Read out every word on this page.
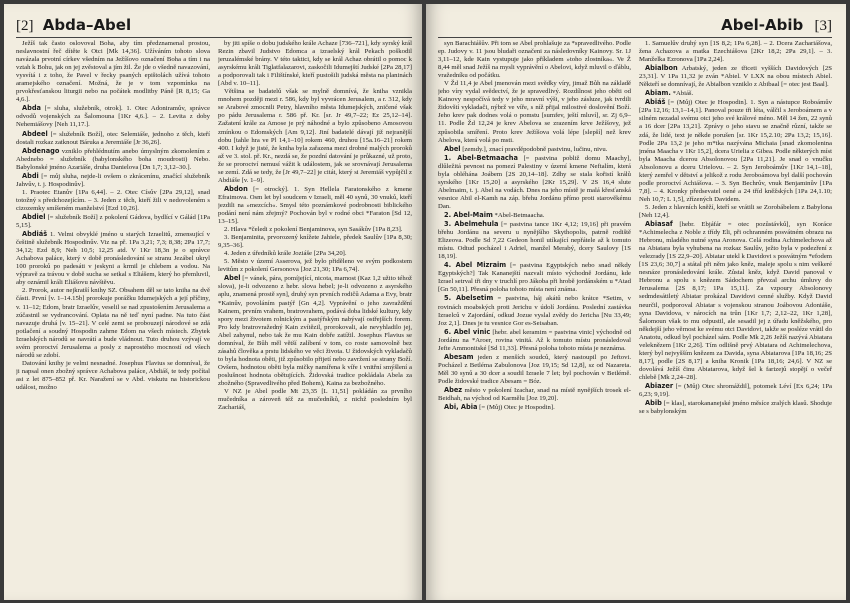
[2] Abda–Abel

Ježíš tak často oslovoval Boha, aby tím předznamenal prostou, neslavnostní řeč dítěte k Otci [Mk 14,36]. Užíváním tohoto slova navázala prvotní církev všedním na Ježíšovo označení Boha a tím i na vztah k Bohu, jak on jej zvěstoval a jím žil. Že jde o všedně navazování, vysvítá i z toho, že Pavel v řecky psaných epištolách užívá tohoto aramejského označení. Možná, že je v tom vzpomínka na prvokřesťanskou liturgii nebo na počátek modlitby Páně [R 8,15; Ga 4,6.].

Abda [= sluha, služebník, otrok]. 1. Otec Adoniramův, správce odvodů vojenských za Šalomouna [1Kr 4,6.]. – 2. Levita z doby Nehemiášovy [Neh 11,17.].

Abdeel [= služebník Boží], otec Selemiáše, jednoho z těch, kteří dostali rozkaz zatknout Báruka a Jeremiáše [Jr 36,26].

Abdenago vzniklo přehlédnutím anebo úmyslným zkomolením z Abednebo = služebník (babylonského boha moudrosti) Nebo. Babylonské jméno Azariáše, druha Danielova [Dn 1,7; 3,12–30.].

Abdi [= můj sluha, nejde-li ovšem o zkrácenínu, značící služebník Jahvův, t. j. Hospodinův].

1. Praotec Etanův [1Pa 6,44]. – 2. Otec Císův [2Pa 29,12], snad totožný s předchozejícím. – 3. Jeden z těch, kteří žili v nedovoleném s cizozemky smíšeném manželství [Ezd 10,26].

Abdiel [= služebník Boží] z pokolení Gádova, bydlící v Gálád [1Pa 5,15].

Abdiáš 1. Velmi obvyklé jméno u starých Izraelitů, zmensující v češtině služebník Hospodinův. Viz na př. 1Pa 3,21; 7,3; 8,38; 2Pa 17,7; 34,12; Ezd 8,9; Neh 10,5; 12,25 atd. V 1Kr 18,3n je o správce Achabova paláce, který v době pronásledování se stranu Jezábel ukryl 100 proroků po padesáti v jeskyni a krmil je chlebem a vodou. Na výpravě za trávou v době sucha se setkal s Eliášem, který ho přemluvil, aby oznámil králi Eliášovu návštěvu.

2. Prorok, autor nejkratší knihy SZ. Obsahem děl se tato kniha na dvě části. První [v. 1–14.15b] prorokuje porážku Idumejských a její příčiny, v. 11–12; Edom, bratr Izraelův, veselil se nad zpustošením Jerusalema a zúčastnil se vydrancování. Oplata na ně teď nyní padne. Na tuto část navazuje druhá [v. 15–21]. V celé zemi se probouzejí národové se zdá potlačení a soudný Hospodin zahrne Edom na všech místech. Zbytek Izraelských národů se navrátí a bude vládnout. Tuto druhou vzývají ve svém proroctví Jerusalema a posly z naprostého mocností od všech národů se zdobí.

Datování knihy je velmi nesnadné. Josephus Flavius se domníval, že ji napsal onen zbožný správce Achabova paláce, Abdiáš, te tedy počítal asi z let 875–852 př. Kr. Naražení se v Abd. viskutu na historickou událost, možno

by jiti spíše o dobu judského krále Achaze [736–721], kdy syrský král Rezin zbavil Judstvo Edomca a izraelský král Pekach poškodil jeruzalémské brány. V této taktici, kdy se král Achaz obrátil o pomoc k asyrskému králi Tiglatfalazarovi, zaskočili Idumejští Judské [2Pa 28,17] a podporovali tak i Filištínské, kteří pustošili judská města na planinách [Abd v. 10–11].

Většina se badatelů však se mylně domnívá, že kniha vznikla mnohem později mezi r. 586, kdy byl vyvrácen Jerusalem, a r. 312, kdy se Arabové zmocnili Petry, hlavního města Idumejských, zničené však po pádu Jerusalema r. 586 př. Kr. [sr. Jr 49,7–22; Ez 25,12–14]. Zažatení krále za Amose je prý náhodné a bylo způsobeno Amosovou zmínkou o Edomských [Am 9,12]. Jiní badatelé dávají již nejranější dobu [tahle hra ve Pl 14,1–10] rokem 460, druhou [15a.16–21] rokem 400. I když je jisté, že kniha byla zařazena mezi drobné malých proroků až ve 3. stol. př. Kr., nezdá se, že pozdní datování je průkazné, už proto, že se proroctví nemusí vážit k událostem, jak se srovnávají Jerusalema se zemí. Zdá se tedy, že [Jr 49,7–22] je citát, který si Jeremiáš vypůjčil z Abdiáše [v. 1–9].

Abdon [= otrocký]. 1. Syn Hellela Faratonského z kmene Efraimova. Osm let byl soudcem v Izraeli, měl 40 synů, 30 vnuků, kteří jezdili na »mezcích«. Smysl této poznámkové podrobnosti biblického podání není nám zřejmý? Pochován byl v rodné obci *Faraton [Sd 12, 13–15].

2. Hlava *čeledi z pokolení Benjaminova, syn Sasákův [1Pa 8,23].

3. Benjaminita, prvorozený knížete Jahiele, předek Saulův [1Pa 8,30; 9,35–36].

4. Jeden z úředníků krále Joziáše [2Pa 34,20].

5. Město v území Asserova, jež bylo přiděleno ve svým podkostem levitům z pokolení Gersonova [Joz 21,30; 1Pa 6,74].

Abel [= vánek, pára, pomíjející, nicota, marnost (Kaz 1,2 užito téhož slova), je-li odvozeno z hebr. slova hebel; je-li odvozeno z asyrského aplu, znamená prostě syn], druhý syn prvních rodičů Adama a Evy, bratr *Kainův, povoláním pastýř [Gn 4,2]. Vyprávění o jeho zavraždění Kainem, prvním vrahem, bratrovrahem, podává doba lidské kultury, kdy spory mezi životem rolnickým a pastýřským nabývají ostřejších forem. Pro kdy bratrovražedný Kain zvítězil, prorokovali, ale nevyhladilo jej, Abel zahynul, nebo tak že mu Kain dobře zatížil. Josephus Flavius se domníval, že Bůh měl větší zalíbení v tom, co roste samovolně bez zásahů člověka a prstu lidského ve věci života. U židovských vykladačů to byla hodnota oběti, již způsobilo přijetí nebo zavržení se strany Boží. Ovšem, hodnotou oběti byla mičky namířena k víře i vnitřní smýšlení a poslušnost hodnota obětujících. Židovská tradice pokládala Abela za zbožného (Spravedlivého před Bohem), Kaina za bezbožného.

V NZ je Abel podle Mt 23,35 [L 11,51] pokládán za prvního mučedníka a zároveň též za mučedníků, z nichž posledním byl Zachariáš,

Abel-Abib [3]

syn Barachiášův. Při tom se Abel prohlašuje za *spravedlivého. Podle ep. Judovy v. 11 jsou bludaři označeni za následovníky Kainovy. Sr. 1J 3,11–12, kde Kain vystupuje jako příkladem »toho zlostníka«. Ve Ž 8,44 měl snad Ježíš na mysli vyprávění o Abelovi, když mluvil o ďáblu, vražedníku od počátku.

V Žd 11,4 je Abel jmenován mezi svědky víry, jimaž Bůh na základě jeho víry vydal svědectví, že je spravedlivý. Rozdílnost jeho oběti od Kainovy nespočívá tedy v jeho mravní výši, v jeho zásluze, jak tvrdili židovští vykladači, nýbrž ve víře, s níž přijal milostivé doslovění Boží. Jeho krev pak dodnes volá o pomstu [sumfev, ještí mluví], sr. Zj 6,9–11. Podle Žd 12,24 je krev Abelova se zrazením krve Ježíšovy, jež způsobila smíření. Proto krev Ježíšova volá lépe [slepší] než krev Abelova, která volá po msti.

Abel [zemdy.], znací pravděpodobně pastvinu, lučinu, nivu.

1. Abel-Betmaacha [= pastvina pobliž domu Maachy], dlůležitá pevnost na pomezí Palestiny v území kmene Neftalím, která byla obléhána Joábem [2S 20,14–18]. Zdhy se stala kořistí králů syrského [1Kr 15,20] a asyrského [2Kr 15,29]. V 2S 16,4 slute Abelmaim, t. j. Abel na vodách. Dnes na jeho místě je malá křesťanská vesnice Abil el-Kamh na záp. břehu Jordánu přímo proti starověkému Dan.

2. Abel-Maim *Abel-Betmaacha.

3. Abelmehula [= pastvina tance 1Kr 4,12; 19,16] při pravém břehu Jordánu na severu u nynějšího Skythopolis, patrně rodiště Elizeova. Podle Sd 7,22 Gedeon honil utíkající nepřátele až k tomuto místu. Odtud pocházel i Adriel, manžel Merabý, dcery Saulovy [1S 18,19].

4. Abel Mizraim [= pastvina Egyptských nebo snad někdy Egyptských?] Tak Kananejští nazvali místo východně Jordánu, kde Izrael setrval tři dny v truchlí pro Jákoba při hrobě jordánském u *Atad [Gn 50,11]. Přesná poloha tohoto místa není známa.

5. Abelsetim = pastvina, háj akátů nebo krátce *Setim, v rovinách moabských proti Jerichu v údolí Jordánu. Poslední zastávka Izraelců v Zajordání, odkud Jozue vyslal zvědy do Jericha [Nu 33,49; Joz 2,1]. Dnes je tu vesnice Gor es-Seisaban.

6. Abel vinic [hebr. abel keramim = pastvina vinic] východně od Jordánu na *Aroer, rovina vinitá. Až k tomuto místu pronásledoval Jefte Ammonitské [Sd 11,33]. Přesná poloha tohoto místa je neznáma.

Abesam jeden z menších soudců, který nastoupil po Jeftovi. Pocházel z Betléma Zabulonova [Joz 19,15; Sd 12,8], sz od Nazareta. Měl 30 synů a 30 dcer a soudil Izraele 7 let; byl pochován v Betlémě. Podle židovské tradice Abesam = Bóz.

Abez město v pokolení Izachar, snad na místě nynějších trosek el-Beidhah, na východ od Karmělu [Joz 19,20].

Abi, Abia [= (Můj) Otec je Hospodin].

1. Samuelův druhý syn [1S 8,2; 1Pa 6,28]. – 2. Dcera Zachariášova, žena Achazova a matka Ezechiášova [2Kr 18,2; 2Pa 29,1]. – 3. Manželka Ezronova [1Pa 2,24].

Abialbon Arbatský, jeden ze třiceti vyšších Davidových [2S 23,31]. V 1Pa 11,32 je zván *Abiel. V LXX na obou místech Abiel. Někteří se domnívají, že Abialbon vzniklo z Abibaal [= otec jest Baal].

Abiam. *Abiáš.

Abiáš [= (Můj) Otec je Hospodin]. 1. Syn a nástupce Roboámův [2Pa 12,16; 13,1–14,1]. Panoval pouze tři léta, válčil s Jeroboámem a v silném nezadal svému otci jeho své králové méno. Měl 14 žen, 22 synů a 16 dcer [2Pa 13,21]. Zprávy o jeho stavu se značně různí, takže se zdá, že lidé, text je někde porušen [sr. 1Kr 15,2.10; 2Pa 13,2; 15,16]. Podle 2Pa 13,2 je jeho m*tka nazývána Michaia [snad zkomolenina jména Maacha v 1Kr 15,2], dcera Urielia z Gibea. Podle některých míst byla Maacha dcerou Absolonovou [2Pa 11,21]. Je snad o vnučku Absolonovu a dceru Urielovu. – 2. Syn Jeroboámův [1Kr 14,1–18], který zemřel v dětství a jelikož z rodu Jeroboámova byl další pochován podle proroctví Achiášova. – 3. Syn Bechrův, vnuk Benjaminův [1Pa 7,8]. – 4. Kronky předsevatel oené a 24 tříd kněžských [1Pa 24,1.10; Neh 10,7; L 1,5], zřízených Davidem.

5. Jeden z hlavních kněží, kteří se vrátili se Zorobábelem z Babylona [Neh 12,4].

Abiasaf [hebr. Ebjáfár = otec pozůstávků], syn Koráce *Achimelecha z Noble z třídy Eli, při ochranném posvátném obrazu na Hebronu, mladého nutné syna Aronova. Celá rodina Achimelechova až na Abiatara byla vyhubena na rozkaz Saulův, ježto byla v podezření z velezrady [1S 22,9–20]. Abiatar utekl k Davidovi s posvátným *efodem [1S 23,6; 30,7] a státal při něm jako kněz, maleje spolu s nim veškeré nesnáze pronásledování krále. Zůstal kněz, když David panoval v Hebronu a spolu s knězem Sádochem převzal archu úmluvy do Jerusalema [2S 8,17; 1Pa 15,11]. Za vzpoury Absolonovy sedmdesátiletý Abiatar prokázal Davidovi cenné služby. Když David neurčil, podporoval Abiatar s vojenskou stranou Joábovou Adoniáše, syna Davidova, v nárocích na trůn [1Kr 1,7; 2,12–22, 1Kr 1,28], Šalomoun však to mu odpustil, ale sesadil jej z úřadu kněžského, pro někdejší jeho věrnost ke svému otci Davidovi, takže se posléze vrátil do Anatotu, odkud byl pocházel sám. Podle Mk 2,26 Ježíš nazývá Abiatara veleknězem [1Kr 2,26]. Tím odlišně prvý Abiatara od Achimelechova, který byl nejvyšším knězem za Davida, syna Abiatarova [1Pa 18,16; 2S 8,17], podle [2S 8,17] a kniha Kronik [1Pa 18,16; 24,6]. V NZ se dovolává Ježíš činu Abiatarova, když šel k farizejů stopějí o večeř chlebě [Mk 2,24–28].

Abiazer [= (Můj) Otec shromáždil], potomek Léví [Ex 6,24; 1Pa 6,23; 9,19].

Abib [= klas], starokananejské jméno měsíce zralých klasů. Shoduje se s babylonským
